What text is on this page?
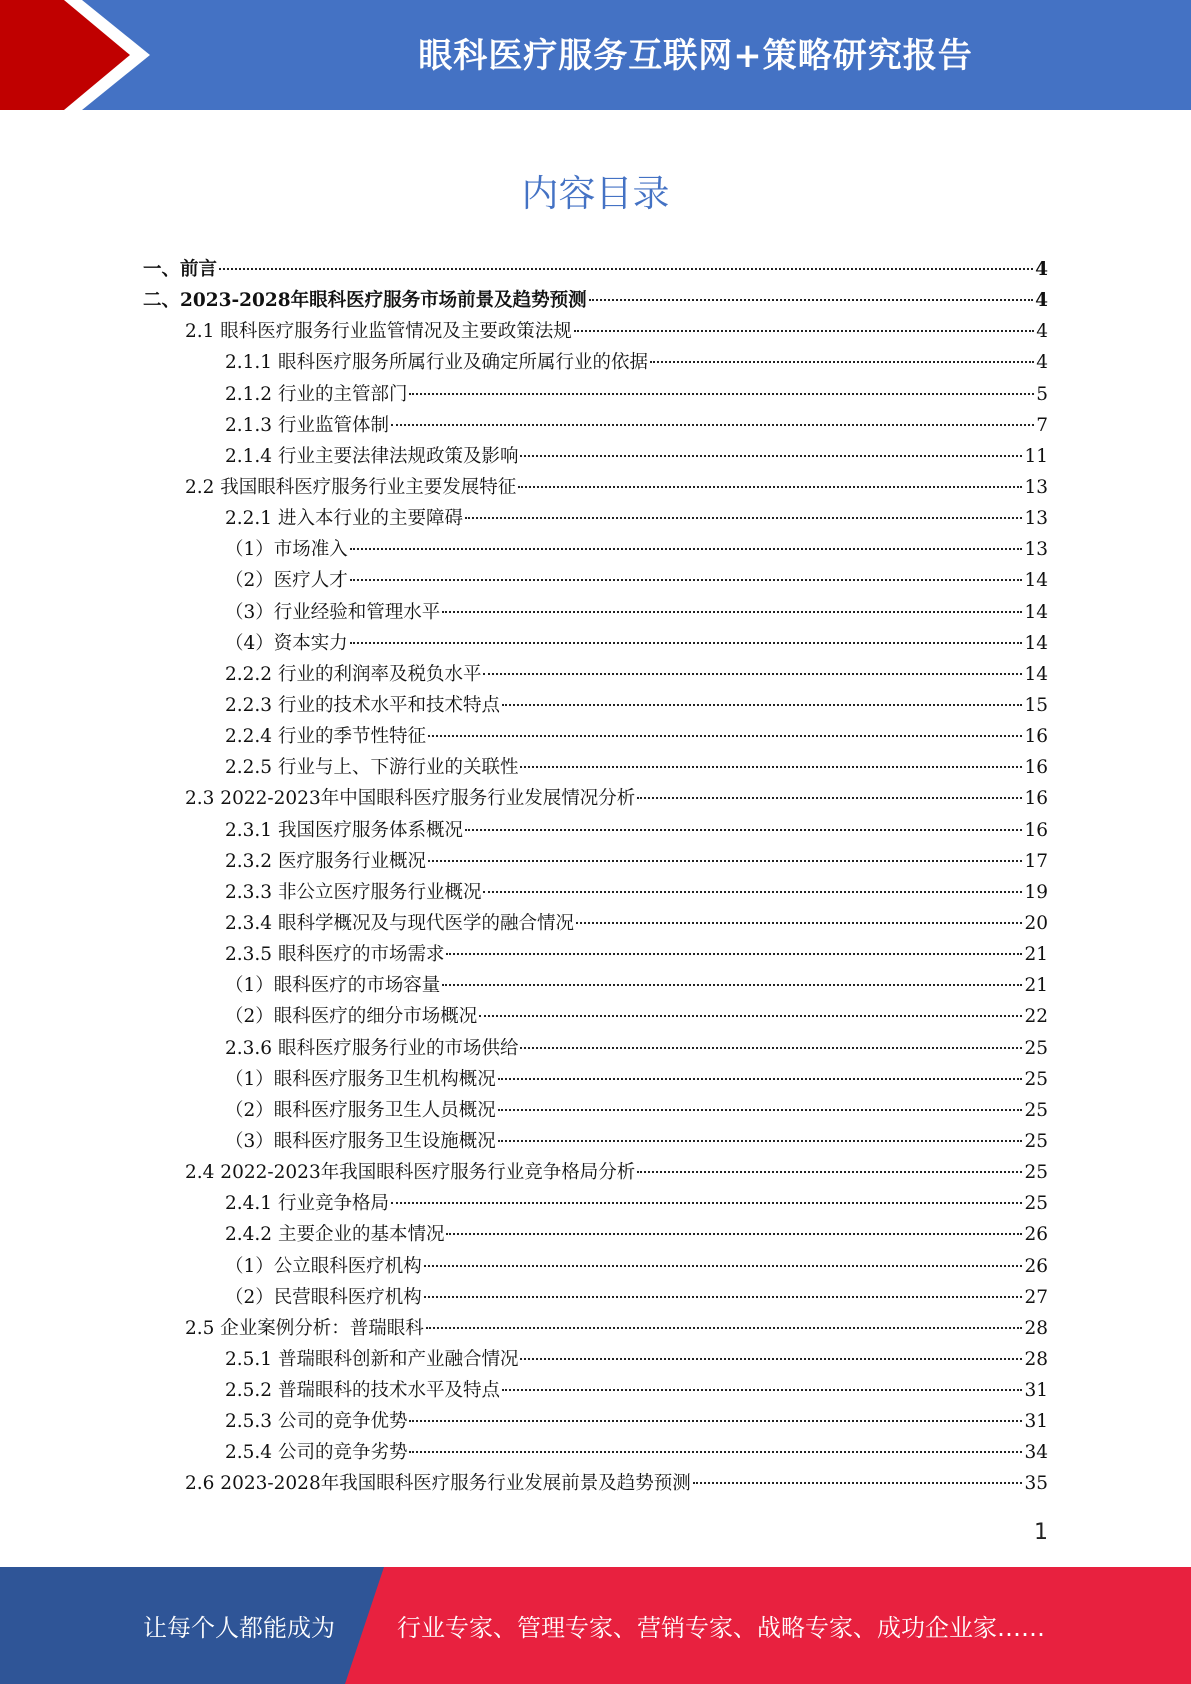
眼科医疗服务互联网+策略研究报告
内容目录
一、前言	4
二、2023-2028年眼科医疗服务市场前景及趋势预测	4
2.1 眼科医疗服务行业监管情况及主要政策法规	4
2.1.1 眼科医疗服务所属行业及确定所属行业的依据	4
2.1.2 行业的主管部门	5
2.1.3 行业监管体制	7
2.1.4 行业主要法律法规政策及影响	11
2.2 我国眼科医疗服务行业主要发展特征	13
2.2.1 进入本行业的主要障碍	13
（1）市场准入	13
（2）医疗人才	14
（3）行业经验和管理水平	14
（4）资本实力	14
2.2.2 行业的利润率及税负水平	14
2.2.3 行业的技术水平和技术特点	15
2.2.4 行业的季节性特征	16
2.2.5 行业与上、下游行业的关联性	16
2.3 2022-2023年中国眼科医疗服务行业发展情况分析	16
2.3.1 我国医疗服务体系概况	16
2.3.2 医疗服务行业概况	17
2.3.3 非公立医疗服务行业概况	19
2.3.4 眼科学概况及与现代医学的融合情况	20
2.3.5 眼科医疗的市场需求	21
（1）眼科医疗的市场容量	21
（2）眼科医疗的细分市场概况	22
2.3.6 眼科医疗服务行业的市场供给	25
（1）眼科医疗服务卫生机构概况	25
（2）眼科医疗服务卫生人员概况	25
（3）眼科医疗服务卫生设施概况	25
2.4 2022-2023年我国眼科医疗服务行业竞争格局分析	25
2.4.1 行业竞争格局	25
2.4.2 主要企业的基本情况	26
（1）公立眼科医疗机构	26
（2）民营眼科医疗机构	27
2.5 企业案例分析：普瑞眼科	28
2.5.1 普瑞眼科创新和产业融合情况	28
2.5.2 普瑞眼科的技术水平及特点	31
2.5.3 公司的竞争优势	31
2.5.4 公司的竞争劣势	34
2.6 2023-2028年我国眼科医疗服务行业发展前景及趋势预测	35
1
让每个人都能成为	行业专家、管理专家、营销专家、战略专家、成功企业家……
